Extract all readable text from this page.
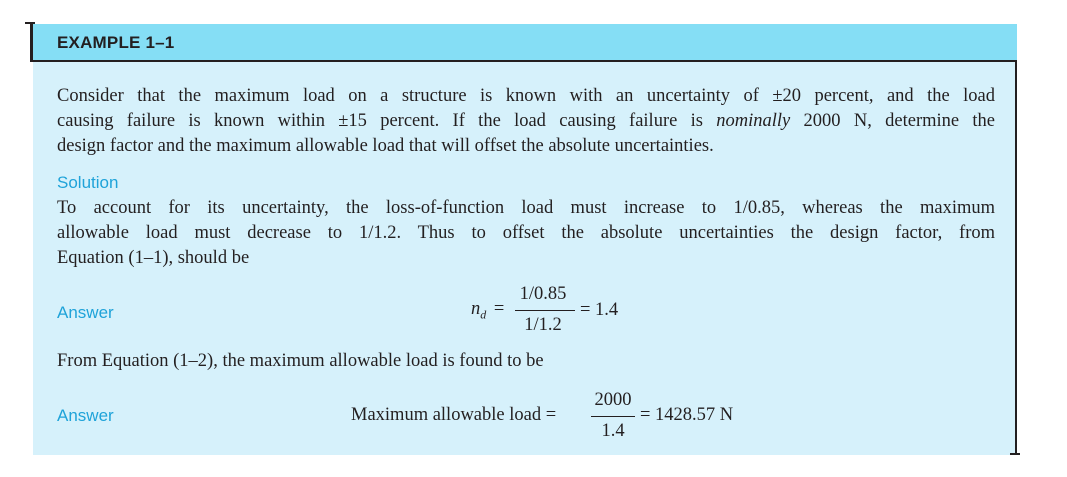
EXAMPLE 1–1
Consider that the maximum load on a structure is known with an uncertainty of ±20 percent, and the load
causing failure is known within ±15 percent. If the load causing failure is nominally 2000 N, determine the
design factor and the maximum allowable load that will offset the absolute uncertainties.
Solution
To account for its uncertainty, the loss-of-function load must increase to 1/0.85, whereas the maximum
allowable load must decrease to 1/1.2. Thus to offset the absolute uncertainties the design factor, from
Equation (1–1), should be
Answer	$n_d$ =
1/0.85
1/1.2
= 1.4
From Equation (1–2), the maximum allowable load is found to be
Answer	Maximum allowable load =
2000
1.4
= 1428.57 N
